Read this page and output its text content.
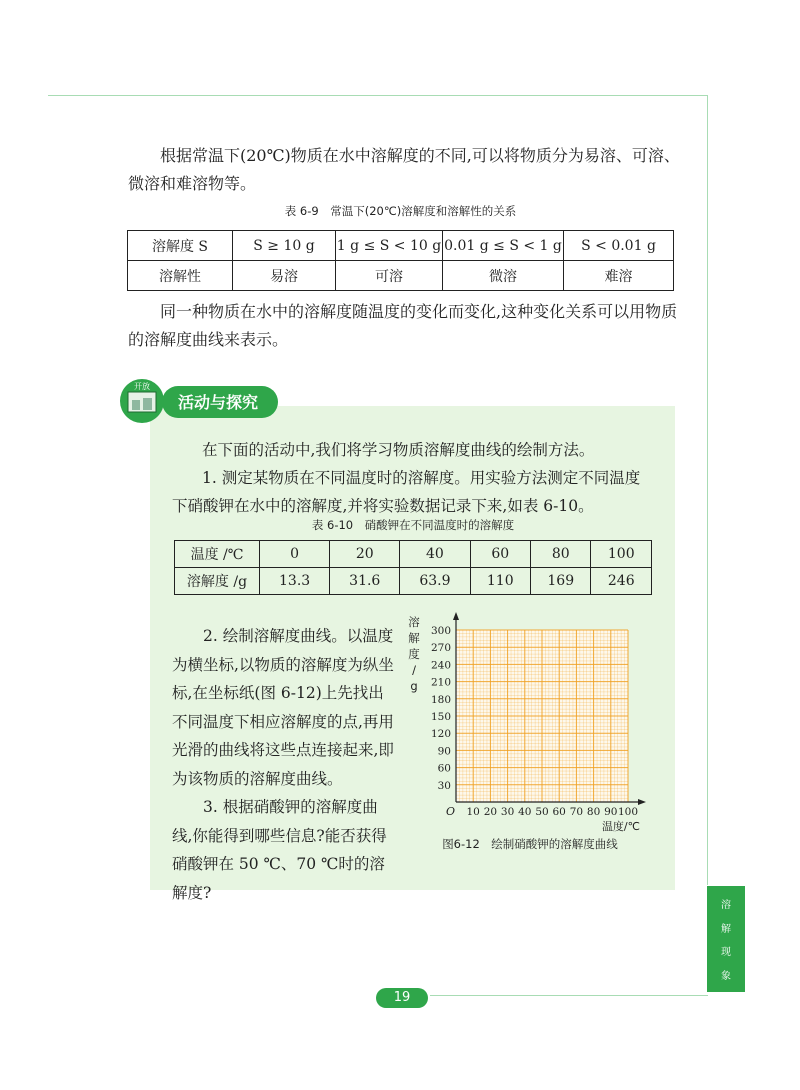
根据常温下(20℃)物质在水中溶解度的不同,可以将物质分为易溶、可溶、微溶和难溶物等。

表 6-9　常温下(20℃)溶解度和溶解性的关系
溶解度 S	S ≥ 10 g	1 g ≤ S < 10 g	0.01 g ≤ S < 1 g	S < 0.01 g
溶解性	易溶	可溶	微溶	难溶

同一种物质在水中的溶解度随温度的变化而变化,这种变化关系可以用物质的溶解度曲线来表示。

开放
活动与探究

在下面的活动中,我们将学习物质溶解度曲线的绘制方法。

1. 测定某物质在不同温度时的溶解度。用实验方法测定不同温度

下硝酸钾在水中的溶解度,并将实验数据记录下来,如表 6-10。

表 6-10　硝酸钾在不同温度时的溶解度
温度 /℃	0	20	40	60	80	100
溶解度 /g	13.3	31.6	63.9	110	169	246

2. 绘制溶解度曲线。以温度为横坐标,以物质的溶解度为纵坐标,在坐标纸(图 6-12)上先找出不同温度下相应溶解度的点,再用光滑的曲线将这些点连接起来,即为该物质的溶解度曲线。

3. 根据硝酸钾的溶解度曲线,你能得到哪些信息?能否获得硝酸钾在 50 ℃、70 ℃时的溶解度?

10 20 30 40 50 60 70 80 90 100
30
60
90
120
150
180
210
240
270
300
O
温度/℃
溶解度/ g
图6-12　绘制硝酸钾的溶解度曲线
溶
解
现
象
19
